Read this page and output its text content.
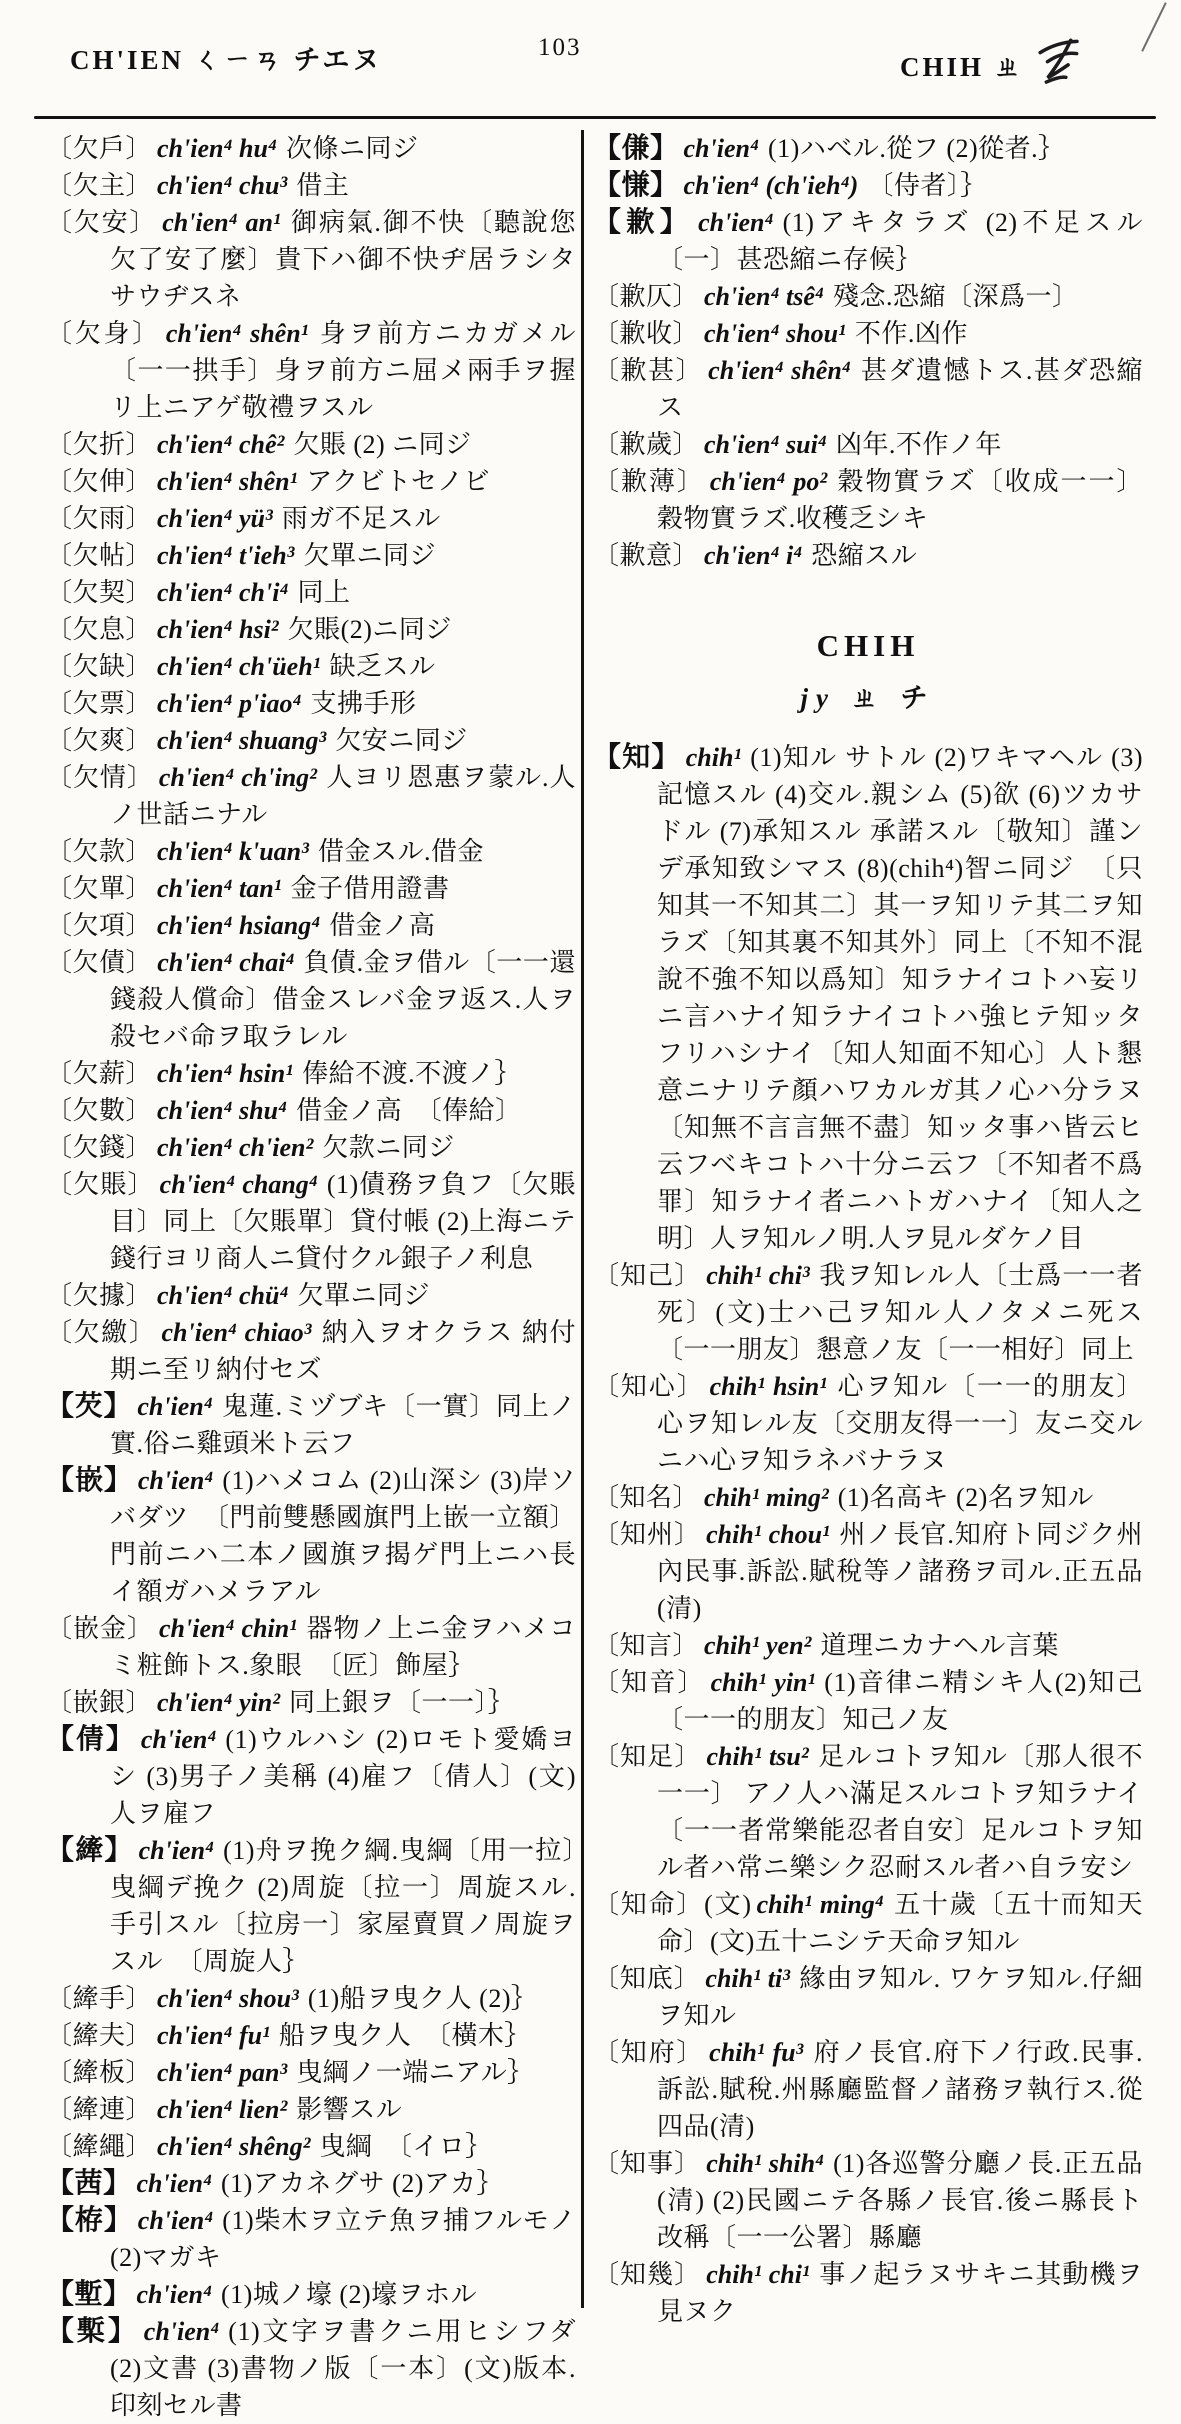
CH'IEN ㄑㄧㄢ チエヌ	103
CHIH ㄓ
〔欠戶〕 ch'ien⁴ hu⁴ 次條ニ同ジ
〔欠主〕 ch'ien⁴ chu³ 借主
〔欠安〕 ch'ien⁴ an¹ 御病氣.御不快〔聽說您欠了安了麼〕貴下ハ御不快ヂ居ラシタサウヂスネ
〔欠身〕 ch'ien⁴ shên¹ 身ヲ前方ニカガメル〔一一拱手〕身ヲ前方ニ屈メ兩手ヲ握リ上ニアゲ敬禮ヲスル
〔欠折〕 ch'ien⁴ chê² 欠賬 (2) ニ同ジ
〔欠伸〕 ch'ien⁴ shên¹ アクビトセノビ
〔欠雨〕 ch'ien⁴ yü³ 雨ガ不足スル
〔欠帖〕 ch'ien⁴ t'ieh³ 欠單ニ同ジ
〔欠契〕 ch'ien⁴ ch'i⁴ 同上
〔欠息〕 ch'ien⁴ hsi² 欠賬(2)ニ同ジ
〔欠缺〕 ch'ien⁴ ch'üeh¹ 缺乏スル
〔欠票〕 ch'ien⁴ p'iao⁴ 支拂手形
〔欠爽〕 ch'ien⁴ shuang³ 欠安ニ同ジ
〔欠情〕 ch'ien⁴ ch'ing² 人ヨリ恩惠ヲ蒙ル.人ノ世話ニナル
〔欠款〕 ch'ien⁴ k'uan³ 借金スル.借金
〔欠單〕 ch'ien⁴ tan¹ 金子借用證書
〔欠項〕 ch'ien⁴ hsiang⁴ 借金ノ高
〔欠債〕 ch'ien⁴ chai⁴ 負債.金ヲ借ル〔一一還錢殺人償命〕借金スレバ金ヲ返ス.人ヲ殺セバ命ヲ取ラレル
〔欠薪〕 ch'ien⁴ hsin¹ 俸給不渡.不渡ノ｝
〔欠數〕 ch'ien⁴ shu⁴ 借金ノ高　〔俸給〕
〔欠錢〕 ch'ien⁴ ch'ien² 欠款ニ同ジ
〔欠賬〕 ch'ien⁴ chang⁴ (1)債務ヲ負フ〔欠賬目〕同上〔欠賬單〕貸付帳 (2)上海ニテ錢行ヨリ商人ニ貸付クル銀子ノ利息
〔欠據〕 ch'ien⁴ chü⁴ 欠單ニ同ジ
〔欠繳〕 ch'ien⁴ chiao³ 納入ヲオクラス 納付期ニ至リ納付セズ
【芡】 ch'ien⁴ 鬼蓮.ミヅブキ〔一實〕同上ノ實.俗ニ雞頭米ト云フ
【嵌】 ch'ien⁴ (1)ハメコム (2)山深シ (3)岸ソバダツ　〔門前雙懸國旗門上嵌一立額〕門前ニハ二本ノ國旗ヲ揭ゲ門上ニハ長イ額ガハメラアル
〔嵌金〕 ch'ien⁴ chin¹ 器物ノ上ニ金ヲハメコミ粧飾トス.象眼　〔匠〕飾屋｝
〔嵌銀〕 ch'ien⁴ yin² 同上銀ヲ〔一一〕｝
【倩】 ch'ien⁴ (1)ウルハシ (2)ロモト愛嬌ヨシ (3)男子ノ美稱 (4)雇フ〔倩人〕(文)人ヲ雇フ
【縴】 ch'ien⁴ (1)舟ヲ挽ク綱.曳綱〔用一拉〕曳綱デ挽ク (2)周旋〔拉一〕周旋スル.手引スル〔拉房一〕家屋賣買ノ周旋ヲスル　〔周旋人｝
〔縴手〕 ch'ien⁴ shou³ (1)船ヲ曳ク人 (2)｝
〔縴夫〕 ch'ien⁴ fu¹ 船ヲ曳ク人　〔橫木｝
〔縴板〕 ch'ien⁴ pan³ 曳綱ノ一端ニアル｝
〔縴連〕 ch'ien⁴ lien² 影響スル
〔縴繩〕 ch'ien⁴ shêng² 曳綱　〔イロ｝
【茜】 ch'ien⁴ (1)アカネグサ (2)アカ｝
【栫】 ch'ien⁴ (1)柴木ヲ立テ魚ヲ捕フルモノ (2)マガキ
【塹】 ch'ien⁴ (1)城ノ壕 (2)壕ヲホル
【槧】 ch'ien⁴ (1)文字ヲ書クニ用ヒシフダ (2)文書 (3)書物ノ版〔一本〕(文)版本.印刻セル書
【傔】 ch'ien⁴ (1)ハベル.從フ (2)從者.｝
【慊】 ch'ien⁴ (ch'ieh⁴) 〔侍者〕｝
【歉】 ch'ien⁴ (1)アキタラズ (2)不足スル　〔一〕甚恐縮ニ存候｝
〔歉仄〕 ch'ien⁴ tsê⁴ 殘念.恐縮〔深爲一〕
〔歉收〕 ch'ien⁴ shou¹ 不作.凶作
〔歉甚〕 ch'ien⁴ shên⁴ 甚ダ遺憾トス.甚ダ恐縮ス
〔歉歲〕 ch'ien⁴ sui⁴ 凶年.不作ノ年
〔歉薄〕 ch'ien⁴ po² 穀物實ラズ〔收成一一〕穀物實ラズ.收穫乏シキ
〔歉意〕 ch'ien⁴ i⁴ 恐縮スル
CHIH
jy ㄓ チ
【知】 chih¹ (1)知ル サトル (2)ワキマヘル (3)記憶スル (4)交ル.親シム (5)欲 (6)ツカサドル (7)承知スル 承諾スル〔敬知〕謹ンデ承知致シマス (8)(chih⁴)智ニ同ジ　〔只知其一不知其二〕其一ヲ知リテ其二ヲ知ラズ〔知其裏不知其外〕同上〔不知不混說不強不知以爲知〕知ラナイコトハ妄リニ言ハナイ知ラナイコトハ強ヒテ知ッタフリハシナイ〔知人知面不知心〕人ト懇意ニナリテ顏ハワカルガ其ノ心ハ分ラヌ〔知無不言言無不盡〕知ッタ事ハ皆云ヒ云フベキコトハ十分ニ云フ〔不知者不爲罪〕知ラナイ者ニハトガハナイ〔知人之明〕人ヲ知ルノ明.人ヲ見ルダケノ目
〔知己〕 chih¹ chi³ 我ヲ知レル人〔士爲一一者死〕(文)士ハ己ヲ知ル人ノタメニ死ス〔一一朋友〕懇意ノ友〔一一相好〕同上
〔知心〕 chih¹ hsin¹ 心ヲ知ル〔一一的朋友〕心ヲ知レル友〔交朋友得一一〕友ニ交ルニハ心ヲ知ラネバナラヌ
〔知名〕 chih¹ ming² (1)名高キ (2)名ヲ知ル
〔知州〕 chih¹ chou¹ 州ノ長官.知府ト同ジク州內民事.訴訟.賦稅等ノ諸務ヲ司ル.正五品(清)
〔知言〕 chih¹ yen² 道理ニカナヘル言葉
〔知音〕 chih¹ yin¹ (1)音律ニ精シキ人(2)知己〔一一的朋友〕知己ノ友
〔知足〕 chih¹ tsu² 足ルコトヲ知ル〔那人很不一一〕 アノ人ハ滿足スルコトヲ知ラナイ〔一一者常樂能忍者自安〕足ルコトヲ知ル者ハ常ニ樂シク忍耐スル者ハ自ラ安シ
〔知命〕(文) chih¹ ming⁴ 五十歲〔五十而知天命〕(文)五十ニシテ天命ヲ知ル
〔知底〕 chih¹ ti³ 緣由ヲ知ル. ワケヲ知ル.仔細ヲ知ル
〔知府〕 chih¹ fu³ 府ノ長官.府下ノ行政.民事.訴訟.賦稅.州縣廳監督ノ諸務ヲ執行ス.從四品(清)
〔知事〕 chih¹ shih⁴ (1)各巡警分廳ノ長.正五品(清) (2)民國ニテ各縣ノ長官.後ニ縣長ト改稱〔一一公署〕縣廳
〔知幾〕 chih¹ chi¹ 事ノ起ラヌサキニ其動機ヲ見ヌク
